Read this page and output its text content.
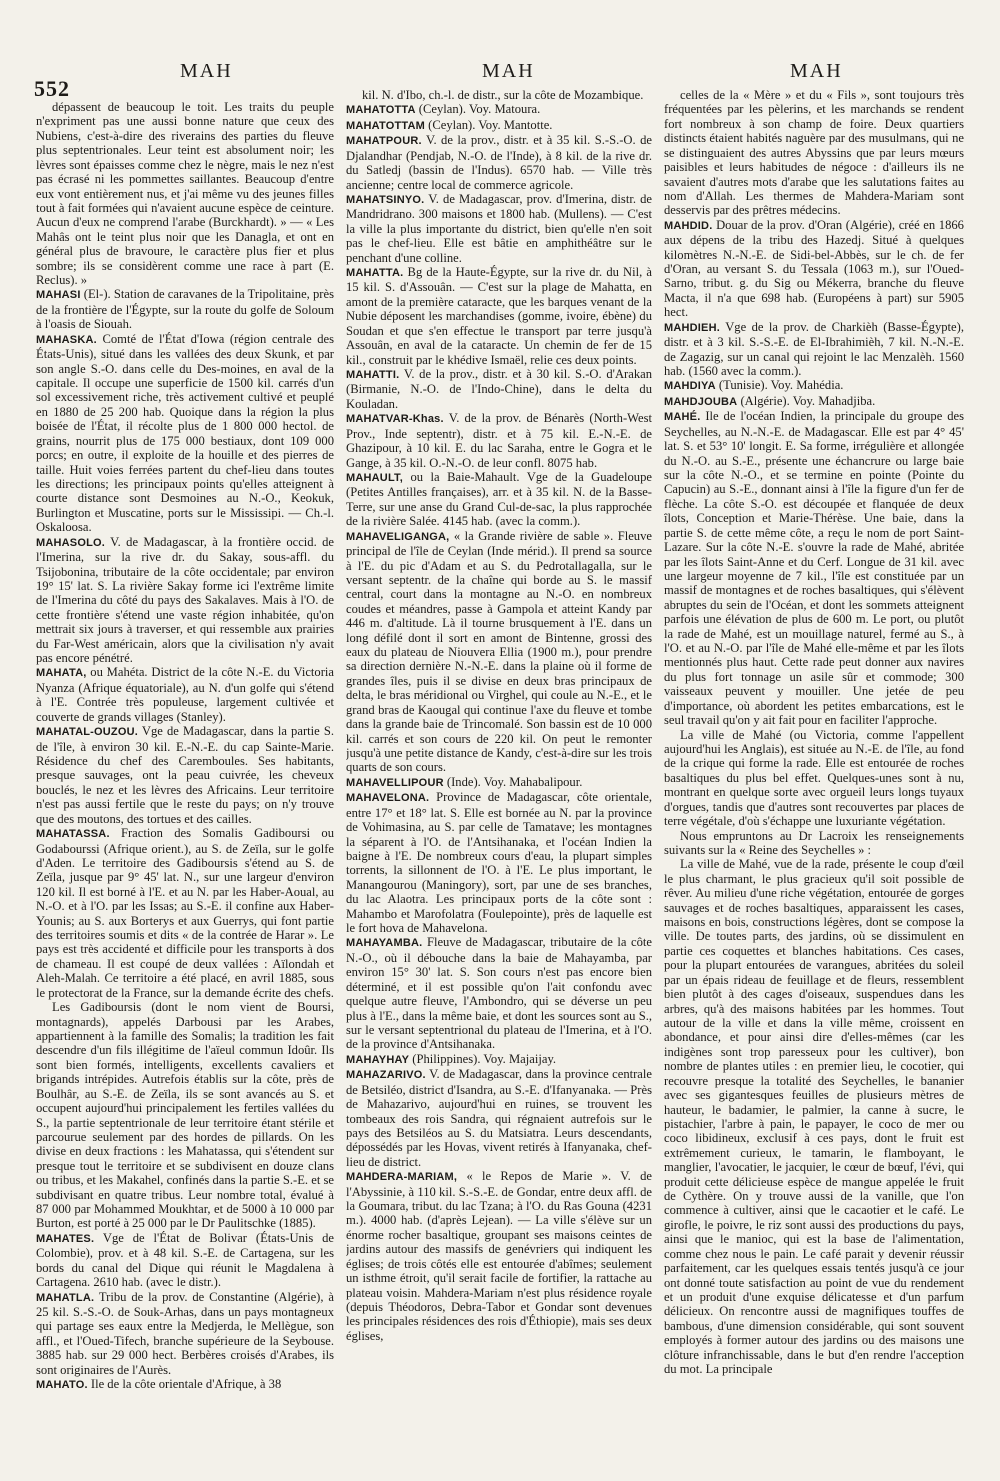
552
MAH	MAH	MAH

dépassent de beaucoup le toit. Les traits du peuple n'expriment pas une aussi bonne nature que ceux des Nubiens, c'est-à-dire des riverains des parties du fleuve plus septentrionales. Leur teint est absolument noir; les lèvres sont épaisses comme chez le nègre, mais le nez n'est pas écrasé ni les pommettes saillantes. Beaucoup d'entre eux vont entièrement nus, et j'ai même vu des jeunes filles tout à fait formées qui n'avaient aucune espèce de ceinture. Aucun d'eux ne comprend l'arabe (Burckhardt). » — « Les Mahâs ont le teint plus noir que les Danagla, et ont en général plus de bravoure, le caractère plus fier et plus sombre; ils se considèrent comme une race à part (E. Reclus). »

MAHASI (El-). Station de caravanes de la Tripolitaine, près de la frontière de l'Égypte, sur la route du golfe de Soloum à l'oasis de Siouah.

MAHASKA. Comté de l'État d'Iowa (région centrale des États-Unis), situé dans les vallées des deux Skunk, et par son angle S.-O. dans celle du Des-moines, en aval de la capitale. Il occupe une superficie de 1500 kil. carrés d'un sol excessivement riche, très activement cultivé et peuplé en 1880 de 25 200 hab. Quoique dans la région la plus boisée de l'État, il récolte plus de 1 800 000 hectol. de grains, nourrit plus de 175 000 bestiaux, dont 109 000 porcs; en outre, il exploite de la houille et des pierres de taille. Huit voies ferrées partent du chef-lieu dans toutes les directions; les principaux points qu'elles atteignent à courte distance sont Desmoines au N.-O., Keokuk, Burlington et Muscatine, ports sur le Mississipi. — Ch.-l. Oskaloosa.

MAHASOLO. V. de Madagascar, à la frontière occid. de l'Imerina, sur la rive dr. du Sakay, sous-affl. du Tsijobonina, tributaire de la côte occidentale; par environ 19° 15' lat. S. La rivière Sakay forme ici l'extrême limite de l'Imerina du côté du pays des Sakalaves. Mais à l'O. de cette frontière s'étend une vaste région inhabitée, qu'on mettrait six jours à traverser, et qui ressemble aux prairies du Far-West américain, alors que la civilisation n'y avait pas encore pénétré.

MAHATA, ou Mahéta. District de la côte N.-E. du Victoria Nyanza (Afrique équatoriale), au N. d'un golfe qui s'étend à l'E. Contrée très populeuse, largement cultivée et couverte de grands villages (Stanley).

MAHATAL-OUZOU. Vge de Madagascar, dans la partie S. de l'île, à environ 30 kil. E.-N.-E. du cap Sainte-Marie. Résidence du chef des Caremboules. Ses habitants, presque sauvages, ont la peau cuivrée, les cheveux bouclés, le nez et les lèvres des Africains. Leur territoire n'est pas aussi fertile que le reste du pays; on n'y trouve que des moutons, des tortues et des cailles.

MAHATASSA. Fraction des Somalis Gadiboursi ou Godabourssi (Afrique orient.), au S. de Zeïla, sur le golfe d'Aden. Le territoire des Gadiboursis s'étend au S. de Zeïla, jusque par 9° 45' lat. N., sur une largeur d'environ 120 kil. Il est borné à l'E. et au N. par les Haber-Aoual, au N.-O. et à l'O. par les Issas; au S.-E. il confine aux Haber-Younis; au S. aux Borterys et aux Guerrys, qui font partie des territoires soumis et dits « de la contrée de Harar ». Le pays est très accidenté et difficile pour les transports à dos de chameau. Il est coupé de deux vallées : Aïlondah et Aleh-Malah. Ce territoire a été placé, en avril 1885, sous le protectorat de la France, sur la demande écrite des chefs.

Les Gadiboursis (dont le nom vient de Boursi, montagnards), appelés Darbousi par les Arabes, appartiennent à la famille des Somalis; la tradition les fait descendre d'un fils illégitime de l'aïeul commun Idoûr. Ils sont bien formés, intelligents, excellents cavaliers et brigands intrépides. Autrefois établis sur la côte, près de Boulhâr, au S.-E. de Zeïla, ils se sont avancés au S. et occupent aujourd'hui principalement les fertiles vallées du S., la partie septentrionale de leur territoire étant stérile et parcourue seulement par des hordes de pillards. On les divise en deux fractions : les Mahatassa, qui s'étendent sur presque tout le territoire et se subdivisent en douze clans ou tribus, et les Makahel, confinés dans la partie S.-E. et se subdivisant en quatre tribus. Leur nombre total, évalué à 87 000 par Mohammed Moukhtar, et de 5000 à 10 000 par Burton, est porté à 25 000 par le Dr Paulitschke (1885).

MAHATES. Vge de l'État de Bolivar (États-Unis de Colombie), prov. et à 48 kil. S.-E. de Cartagena, sur les bords du canal del Dique qui réunit le Magdalena à Cartagena. 2610 hab. (avec le distr.).

MAHATLA. Tribu de la prov. de Constantine (Algérie), à 25 kil. S.-S.-O. de Souk-Arhas, dans un pays montagneux qui partage ses eaux entre la Medjerda, le Mellègue, son affl., et l'Oued-Tifech, branche supérieure de la Seybouse. 3885 hab. sur 29 000 hect. Berbères croisés d'Arabes, ils sont originaires de l'Aurès.

MAHATO. Ile de la côte orientale d'Afrique, à 38

kil. N. d'Ibo, ch.-l. de distr., sur la côte de Mozambique.

MAHATOTTA (Ceylan). Voy. Matoura.

MAHATOTTAM (Ceylan). Voy. Mantotte.

MAHATPOUR. V. de la prov., distr. et à 35 kil. S.-S.-O. de Djalandhar (Pendjab, N.-O. de l'Inde), à 8 kil. de la rive dr. du Satledj (bassin de l'Indus). 6570 hab. — Ville très ancienne; centre local de commerce agricole.

MAHATSINYO. V. de Madagascar, prov. d'Imerina, distr. de Mandridrano. 300 maisons et 1800 hab. (Mullens). — C'est la ville la plus importante du district, bien qu'elle n'en soit pas le chef-lieu. Elle est bâtie en amphithéâtre sur le penchant d'une colline.

MAHATTA. Bg de la Haute-Égypte, sur la rive dr. du Nil, à 15 kil. S. d'Assouân. — C'est sur la plage de Mahatta, en amont de la première cataracte, que les barques venant de la Nubie déposent les marchandises (gomme, ivoire, ébène) du Soudan et que s'en effectue le transport par terre jusqu'à Assouân, en aval de la cataracte. Un chemin de fer de 15 kil., construit par le khédive Ismaël, relie ces deux points.

MAHATTI. V. de la prov., distr. et à 30 kil. S.-O. d'Arakan (Birmanie, N.-O. de l'Indo-Chine), dans le delta du Kouladan.

MAHATVAR-Khas. V. de la prov. de Bénarès (North-West Prov., Inde septentr), distr. et à 75 kil. E.-N.-E. de Ghazipour, à 10 kil. E. du lac Saraha, entre le Gogra et le Gange, à 35 kil. O.-N.-O. de leur confl. 8075 hab.

MAHAULT, ou la Baie-Mahault. Vge de la Guadeloupe (Petites Antilles françaises), arr. et à 35 kil. N. de la Basse-Terre, sur une anse du Grand Cul-de-sac, la plus rapprochée de la rivière Salée. 4145 hab. (avec la comm.).

MAHAVELIGANGA, « la Grande rivière de sable ». Fleuve principal de l'île de Ceylan (Inde mérid.). Il prend sa source à l'E. du pic d'Adam et au S. du Pedrotallagalla, sur le versant septentr. de la chaîne qui borde au S. le massif central, court dans la montagne au N.-O. en nombreux coudes et méandres, passe à Gampola et atteint Kandy par 446 m. d'altitude. Là il tourne brusquement à l'E. dans un long défilé dont il sort en amont de Bintenne, grossi des eaux du plateau de Niouvera Ellia (1900 m.), pour prendre sa direction dernière N.-N.-E. dans la plaine où il forme de grandes îles, puis il se divise en deux bras principaux de delta, le bras méridional ou Virghel, qui coule au N.-E., et le grand bras de Kaougal qui continue l'axe du fleuve et tombe dans la grande baie de Trincomalé. Son bassin est de 10 000 kil. carrés et son cours de 220 kil. On peut le remonter jusqu'à une petite distance de Kandy, c'est-à-dire sur les trois quarts de son cours.

MAHAVELLIPOUR (Inde). Voy. Mahabalipour.

MAHAVELONA. Province de Madagascar, côte orientale, entre 17° et 18° lat. S. Elle est bornée au N. par la province de Vohimasina, au S. par celle de Tamatave; les montagnes la séparent à l'O. de l'Antsihanaka, et l'océan Indien la baigne à l'E. De nombreux cours d'eau, la plupart simples torrents, la sillonnent de l'O. à l'E. Le plus important, le Manangourou (Maningory), sort, par une de ses branches, du lac Alaotra. Les principaux ports de la côte sont : Mahambo et Marofolatra (Foulepointe), près de laquelle est le fort hova de Mahavelona.

MAHAYAMBA. Fleuve de Madagascar, tributaire de la côte N.-O., où il débouche dans la baie de Mahayamba, par environ 15° 30' lat. S. Son cours n'est pas encore bien déterminé, et il est possible qu'on l'ait confondu avec quelque autre fleuve, l'Ambondro, qui se déverse un peu plus à l'E., dans la même baie, et dont les sources sont au S., sur le versant septentrional du plateau de l'Imerina, et à l'O. de la province d'Antsihanaka.

MAHAYHAY (Philippines). Voy. Majaijay.

MAHAZARIVO. V. de Madagascar, dans la province centrale de Betsiléo, district d'Isandra, au S.-E. d'Ifanyanaka. — Près de Mahazarivo, aujourd'hui en ruines, se trouvent les tombeaux des rois Sandra, qui régnaient autrefois sur le pays des Betsiléos au S. du Matsiatra. Leurs descendants, dépossédés par les Hovas, vivent retirés à Ifanyanaka, chef-lieu de district.

MAHDERA-MARIAM, « le Repos de Marie ». V. de l'Abyssinie, à 110 kil. S.-S.-E. de Gondar, entre deux affl. de la Goumara, tribut. du lac Tzana; à l'O. du Ras Gouna (4231 m.). 4000 hab. (d'après Lejean). — La ville s'élève sur un énorme rocher basaltique, groupant ses maisons ceintes de jardins autour des massifs de genévriers qui indiquent les églises; de trois côtés elle est entourée d'abîmes; seulement un isthme étroit, qu'il serait facile de fortifier, la rattache au plateau voisin. Mahdera-Mariam n'est plus résidence royale (depuis Théodoros, Debra-Tabor et Gondar sont devenues les principales résidences des rois d'Éthiopie), mais ses deux églises,

celles de la « Mère » et du « Fils », sont toujours très fréquentées par les pèlerins, et les marchands se rendent fort nombreux à son champ de foire. Deux quartiers distincts étaient habités naguère par des musulmans, qui ne se distinguaient des autres Abyssins que par leurs mœurs paisibles et leurs habitudes de négoce : d'ailleurs ils ne savaient d'autres mots d'arabe que les salutations faites au nom d'Allah. Les thermes de Mahdera-Mariam sont desservis par des prêtres médecins.

MAHDID. Douar de la prov. d'Oran (Algérie), créé en 1866 aux dépens de la tribu des Hazedj. Situé à quelques kilomètres N.-N.-E. de Sidi-bel-Abbès, sur le ch. de fer d'Oran, au versant S. du Tessala (1063 m.), sur l'Oued-Sarno, tribut. g. du Sig ou Mékerra, branche du fleuve Macta, il n'a que 698 hab. (Européens à part) sur 5905 hect.

MAHDIEH. Vge de la prov. de Charkièh (Basse-Égypte), distr. et à 3 kil. S.-S.-E. de El-Ibrahimièh, 7 kil. N.-N.-E. de Zagazig, sur un canal qui rejoint le lac Menzalèh. 1560 hab. (1560 avec la comm.).

MAHDIYA (Tunisie). Voy. Mahédia.

MAHDJOUBA (Algérie). Voy. Mahadjiba.

MAHÉ. Ile de l'océan Indien, la principale du groupe des Seychelles, au N.-N.-E. de Madagascar. Elle est par 4° 45' lat. S. et 53° 10' longit. E. Sa forme, irrégulière et allongée du N.-O. au S.-E., présente une échancrure ou large baie sur la côte N.-O., et se termine en pointe (Pointe du Capucin) au S.-E., donnant ainsi à l'île la figure d'un fer de flèche. La côte S.-O. est découpée et flanquée de deux îlots, Conception et Marie-Thérèse. Une baie, dans la partie S. de cette même côte, a reçu le nom de port Saint-Lazare. Sur la côte N.-E. s'ouvre la rade de Mahé, abritée par les îlots Saint-Anne et du Cerf. Longue de 31 kil. avec une largeur moyenne de 7 kil., l'île est constituée par un massif de montagnes et de roches basaltiques, qui s'élèvent abruptes du sein de l'Océan, et dont les sommets atteignent parfois une élévation de plus de 600 m. Le port, ou plutôt la rade de Mahé, est un mouillage naturel, fermé au S., à l'O. et au N.-O. par l'île de Mahé elle-même et par les îlots mentionnés plus haut. Cette rade peut donner aux navires du plus fort tonnage un asile sûr et commode; 300 vaisseaux peuvent y mouiller. Une jetée de peu d'importance, où abordent les petites embarcations, est le seul travail qu'on y ait fait pour en faciliter l'approche.

La ville de Mahé (ou Victoria, comme l'appellent aujourd'hui les Anglais), est située au N.-E. de l'île, au fond de la crique qui forme la rade. Elle est entourée de roches basaltiques du plus bel effet. Quelques-unes sont à nu, montrant en quelque sorte avec orgueil leurs longs tuyaux d'orgues, tandis que d'autres sont recouvertes par places de terre végétale, d'où s'échappe une luxuriante végétation.

Nous empruntons au Dr Lacroix les renseignements suivants sur la « Reine des Seychelles » :

La ville de Mahé, vue de la rade, présente le coup d'œil le plus charmant, le plus gracieux qu'il soit possible de rêver. Au milieu d'une riche végétation, entourée de gorges sauvages et de roches basaltiques, apparaissent les cases, maisons en bois, constructions légères, dont se compose la ville. De toutes parts, des jardins, où se dissimulent en partie ces coquettes et blanches habitations. Ces cases, pour la plupart entourées de varangues, abritées du soleil par un épais rideau de feuillage et de fleurs, ressemblent bien plutôt à des cages d'oiseaux, suspendues dans les arbres, qu'à des maisons habitées par les hommes. Tout autour de la ville et dans la ville même, croissent en abondance, et pour ainsi dire d'elles-mêmes (car les indigènes sont trop paresseux pour les cultiver), bon nombre de plantes utiles : en premier lieu, le cocotier, qui recouvre presque la totalité des Seychelles, le bananier avec ses gigantesques feuilles de plusieurs mètres de hauteur, le badamier, le palmier, la canne à sucre, le pistachier, l'arbre à pain, le papayer, le coco de mer ou coco libidineux, exclusif à ces pays, dont le fruit est extrêmement curieux, le tamarin, le flamboyant, le manglier, l'avocatier, le jacquier, le cœur de bœuf, l'évi, qui produit cette délicieuse espèce de mangue appelée le fruit de Cythère. On y trouve aussi de la vanille, que l'on commence à cultiver, ainsi que le cacaotier et le café. Le girofle, le poivre, le riz sont aussi des productions du pays, ainsi que le manioc, qui est la base de l'alimentation, comme chez nous le pain. Le café parait y devenir réussir parfaitement, car les quelques essais tentés jusqu'à ce jour ont donné toute satisfaction au point de vue du rendement et un produit d'une exquise délicatesse et d'un parfum délicieux. On rencontre aussi de magnifiques touffes de bambous, d'une dimension considérable, qui sont souvent employés à former autour des jardins ou des maisons une clôture infranchissable, dans le but d'en rendre l'acception du mot. La principale
